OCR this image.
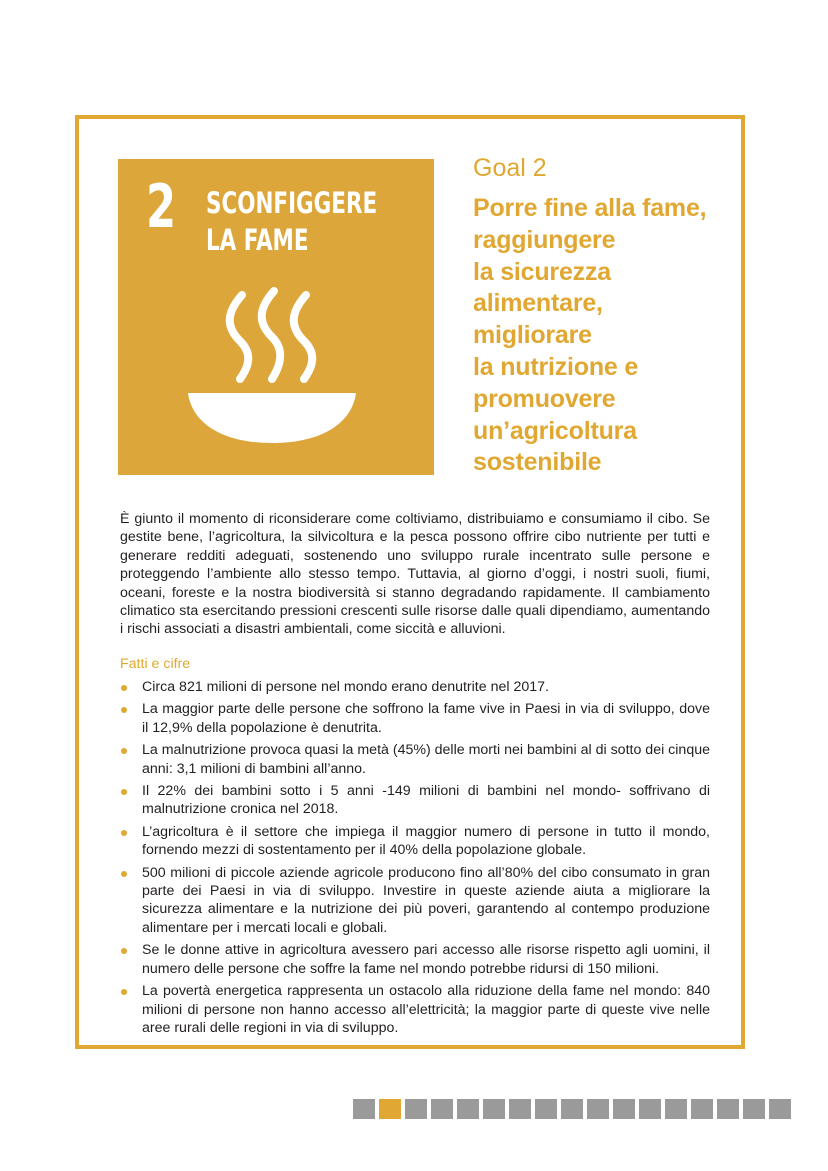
2 SCONFIGGERE
LA FAME
Goal 2
Porre fine alla fame,
raggiungere
la sicurezza
alimentare,
migliorare
la nutrizione e
promuovere
un’agricoltura
sostenibile

È giunto il momento di riconsiderare come coltiviamo, distribuiamo e consumiamo il cibo. Se gestite bene, l’agricoltura, la silvicoltura e la pesca possono offrire cibo nutriente per tutti e generare redditi adeguati, sostenendo uno sviluppo rurale incentrato sulle persone e proteggendo l’ambiente allo stesso tempo. Tuttavia, al giorno d’oggi, i nostri suoli, fiumi, oceani, foreste e la nostra biodiversità si stanno degradando rapidamente. Il cambiamento climatico sta esercitando pressioni crescenti sulle risorse dalle quali dipendiamo, aumentando i rischi associati a disastri ambientali, come siccità e alluvioni.

Fatti e cifre
Circa 821 milioni di persone nel mondo erano denutrite nel 2017.
La maggior parte delle persone che soffrono la fame vive in Paesi in via di sviluppo, dove il 12,9% della popolazione è denutrita.
La malnutrizione provoca quasi la metà (45%) delle morti nei bambini al di sotto dei cinque anni: 3,1 milioni di bambini all’anno.
Il 22% dei bambini sotto i 5 anni -149 milioni di bambini nel mondo- soffrivano di malnutrizione cronica nel 2018.
L’agricoltura è il settore che impiega il maggior numero di persone in tutto il mondo, fornendo mezzi di sostentamento per il 40% della popolazione globale.
500 milioni di piccole aziende agricole producono fino all’80% del cibo consumato in gran parte dei Paesi in via di sviluppo. Investire in queste aziende aiuta a migliorare la sicurezza alimentare e la nutrizione dei più poveri, garantendo al contempo produzione alimentare per i mercati locali e globali.
Se le donne attive in agricoltura avessero pari accesso alle risorse rispetto agli uomini, il numero delle persone che soffre la fame nel mondo potrebbe ridursi di 150 milioni.
La povertà energetica rappresenta un ostacolo alla riduzione della fame nel mondo: 840 milioni di persone non hanno accesso all’elettricità; la maggior parte di queste vive nelle aree rurali delle regioni in via di sviluppo.
